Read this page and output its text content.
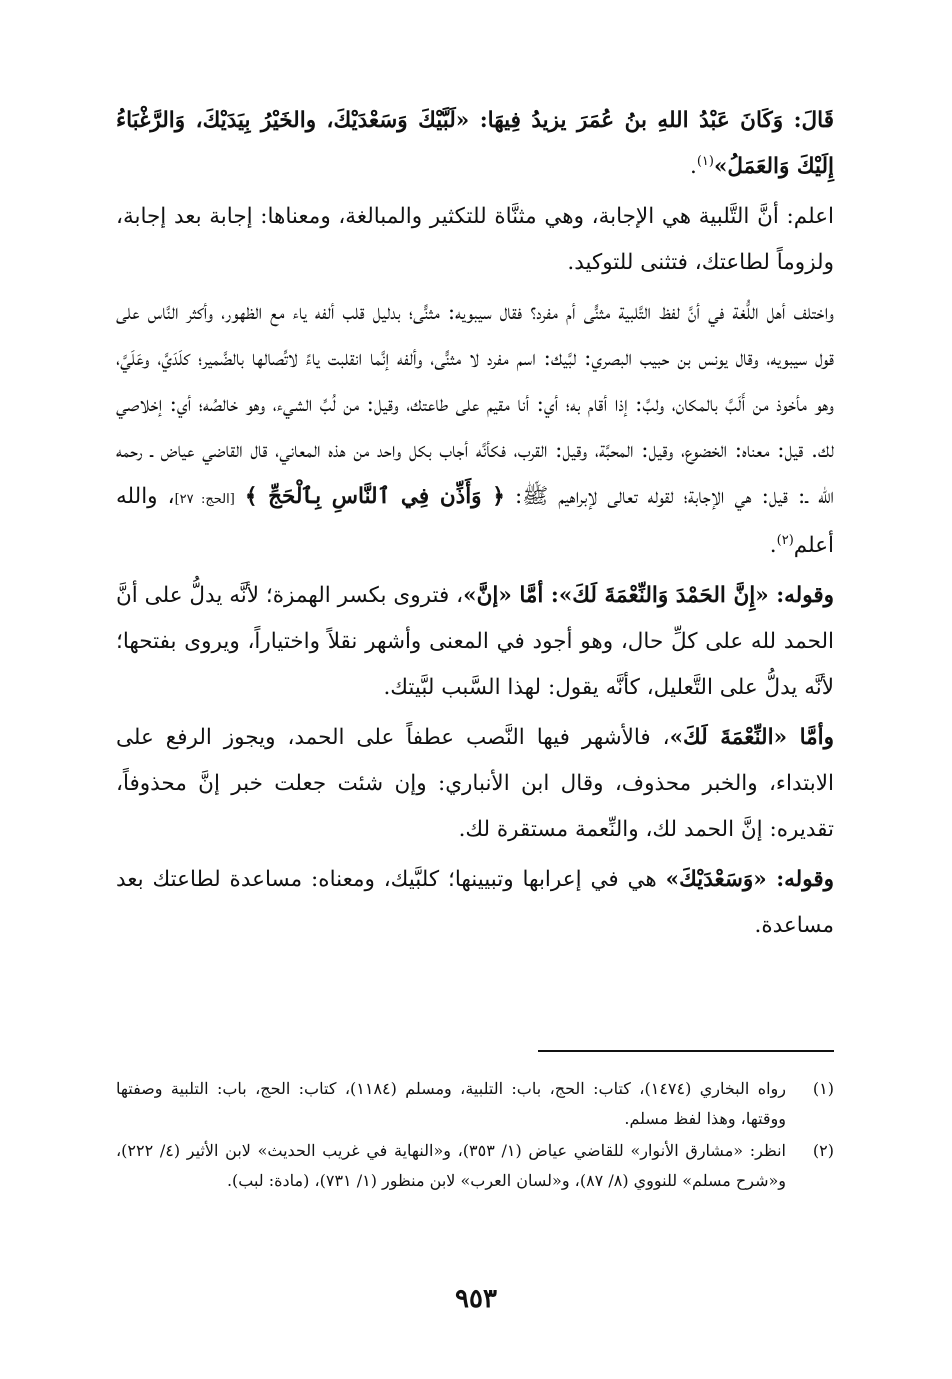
قَالَ: وَكَانَ عَبْدُ اللهِ بنُ عُمَرَ يزيدُ فِيهَا: «لَبَّيْكَ وَسَعْدَيْكَ، والخَيْرُ بِيَدَيْكَ، وَالرَّغْبَاءُ إِلَيْكَ وَالعَمَلُ»$^{(١)}$.

اعلم: أنَّ التَّلبية هي الإجابة، وهي مثنَّاة للتكثير والمبالغة، ومعناها: إجابة بعد إجابة، ولزوماً لطاعتك، فتثنى للتوكيد.

واختلف أهل اللُّغة في أنَّ لفظ التَّلبية مثنًّى أم مفرد؟ فقال سيبويه: مثنًّى؛ بدليل قلب ألفه ياء مع الظهور، وأكثر النَّاس على قول سيبويه، وقال يونس بن حبيب البصري: لبَّيك: اسم مفرد لا مثنًّى، وألفه إنَّما انقلبت ياءً لاتِّصالها بالضَّمير؛ كلَدَيَّ، وعَلَيَّ، وهو مأخوذ من أَلَبَّ بالمكان، ولبَّ: إذا أقام به؛ أي: أنا مقيم على طاعتك، وقيل: من لُبِّ الشيء، وهو خالصُه؛ أي: إخلاصي لك. قيل: معناه: الخضوع، وقيل: المحبَّة، وقيل: القرب، فكأنَّه أجاب بكل واحد من هذه المعاني، قال القاضي عياض ـ رحمه الله ـ: قيل: هي الإجابة؛ لقوله تعالى لإبراهيم ﷺ: ﴿ وَأَذِّن فِي ٱلنَّاسِ بِٱلْحَجِّ ﴾ [الحج: ٢٧]، والله أعلم$^{(٢)}$.

وقوله: «إِنَّ الحَمْدَ وَالنِّعْمَةَ لَكَ»: أمَّا «إنَّ»، فتروى بكسر الهمزة؛ لأنَّه يدلُّ على أنَّ الحمد لله على كلِّ حال، وهو أجود في المعنى وأشهر نقلاً واختياراً، ويروى بفتحها؛ لأنَّه يدلُّ على التَّعليل، كأنَّه يقول: لهذا السَّبب لبَّيتك.

وأمَّا «النِّعْمَةَ لَكَ»، فالأشهر فيها النَّصب عطفاً على الحمد، ويجوز الرفع على الابتداء، والخبر محذوف، وقال ابن الأنباري: وإن شئت جعلت خبر إنَّ محذوفاً، تقديره: إنَّ الحمد لك، والنِّعمة مستقرة لك.

وقوله: «وَسَعْدَيْكَ» هي في إعرابها وتبيينها؛ كلبَّيك، ومعناه: مساعدة لطاعتك بعد مساعدة.

(١)
رواه البخاري (١٤٧٤)، كتاب: الحج، باب: التلبية، ومسلم (١١٨٤)، كتاب: الحج، باب: التلبية وصفتها ووقتها، وهذا لفظ مسلم.
(٢)
انظر: «مشارق الأنوار» للقاضي عياض (١/ ٣٥٣)، و«النهاية في غريب الحديث» لابن الأثير (٤/ ٢٢٢)، و«شرح مسلم» للنووي (٨/ ٨٧)، و«لسان العرب» لابن منظور (١/ ٧٣١)، (مادة: لبب).
٩٥٣
